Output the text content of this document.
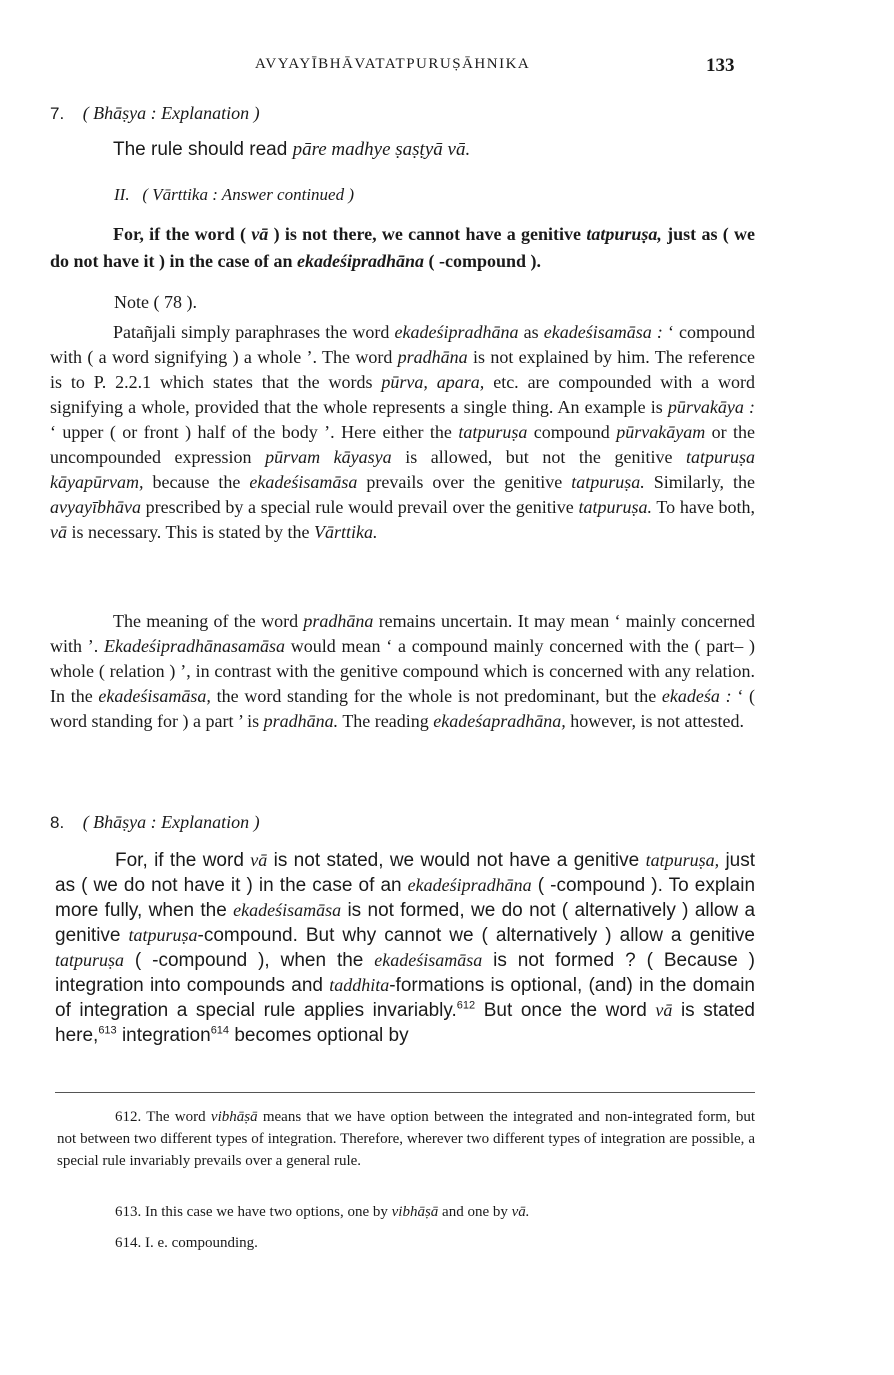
AVYAYĪBHĀVATATPURUṢĀHNIKA	133
7. ( Bhāṣya : Explanation )
The rule should read pāre madhye ṣaṣṭyā vā.
II. ( Vārttika : Answer continued )
For, if the word ( vā ) is not there, we cannot have a genitive tatpuruṣa, just as ( we do not have it ) in the case of an ekadeśipradhāna ( -compound ).
Note ( 78 ).
Patañjali simply paraphrases the word ekadeśipradhāna as ekadeśisamāsa : ‘ compound with ( a word signifying ) a whole ’. The word pradhāna is not explained by him. The reference is to P. 2.2.1 which states that the words pūrva, apara, etc. are compounded with a word signifying a whole, provided that the whole represents a single thing. An example is pūrvakāya : ‘ upper ( or front ) half of the body ’. Here either the tatpuruṣa compound pūrvakāyam or the uncompounded expression pūrvam kāyasya is allowed, but not the genitive tatpuruṣa kāyapūrvam, because the ekadeśisamāsa prevails over the genitive tatpuruṣa. Similarly, the avyayībhāva prescribed by a special rule would prevail over the genitive tatpuruṣa. To have both, vā is necessary. This is stated by the Vārttika.
The meaning of the word pradhāna remains uncertain. It may mean ‘ mainly concerned with ’. Ekadeśipradhānasamāsa would mean ‘ a compound mainly concerned with the ( part– ) whole ( relation ) ’, in contrast with the genitive compound which is concerned with any relation. In the ekadeśisamāsa, the word standing for the whole is not predominant, but the ekadeśa : ‘ ( word standing for ) a part ’ is pradhāna. The reading ekadeśapradhāna, however, is not attested.
8. ( Bhāṣya : Explanation )
For, if the word vā is not stated, we would not have a genitive tatpuruṣa, just as ( we do not have it ) in the case of an ekadeśipradhāna ( -compound ). To explain more fully, when the ekadeśisamāsa is not formed, we do not ( alternatively ) allow a genitive tatpuruṣa-compound. But why cannot we ( alternatively ) allow a genitive tatpuruṣa ( -compound ), when the ekadeśisamāsa is not formed ? ( Because ) integration into compounds and taddhita-formations is optional, (and) in the domain of integration a special rule applies invariably.$^{612}$ But once the word vā is stated here,$^{613}$ integration$^{614}$ becomes optional by
612. The word vibhāṣā means that we have option between the integrated and non-integrated form, but not between two different types of integration. Therefore, wherever two different types of integration are possible, a special rule invariably prevails over a general rule.
613. In this case we have two options, one by vibhāṣā and one by vā.
614. I. e. compounding.
